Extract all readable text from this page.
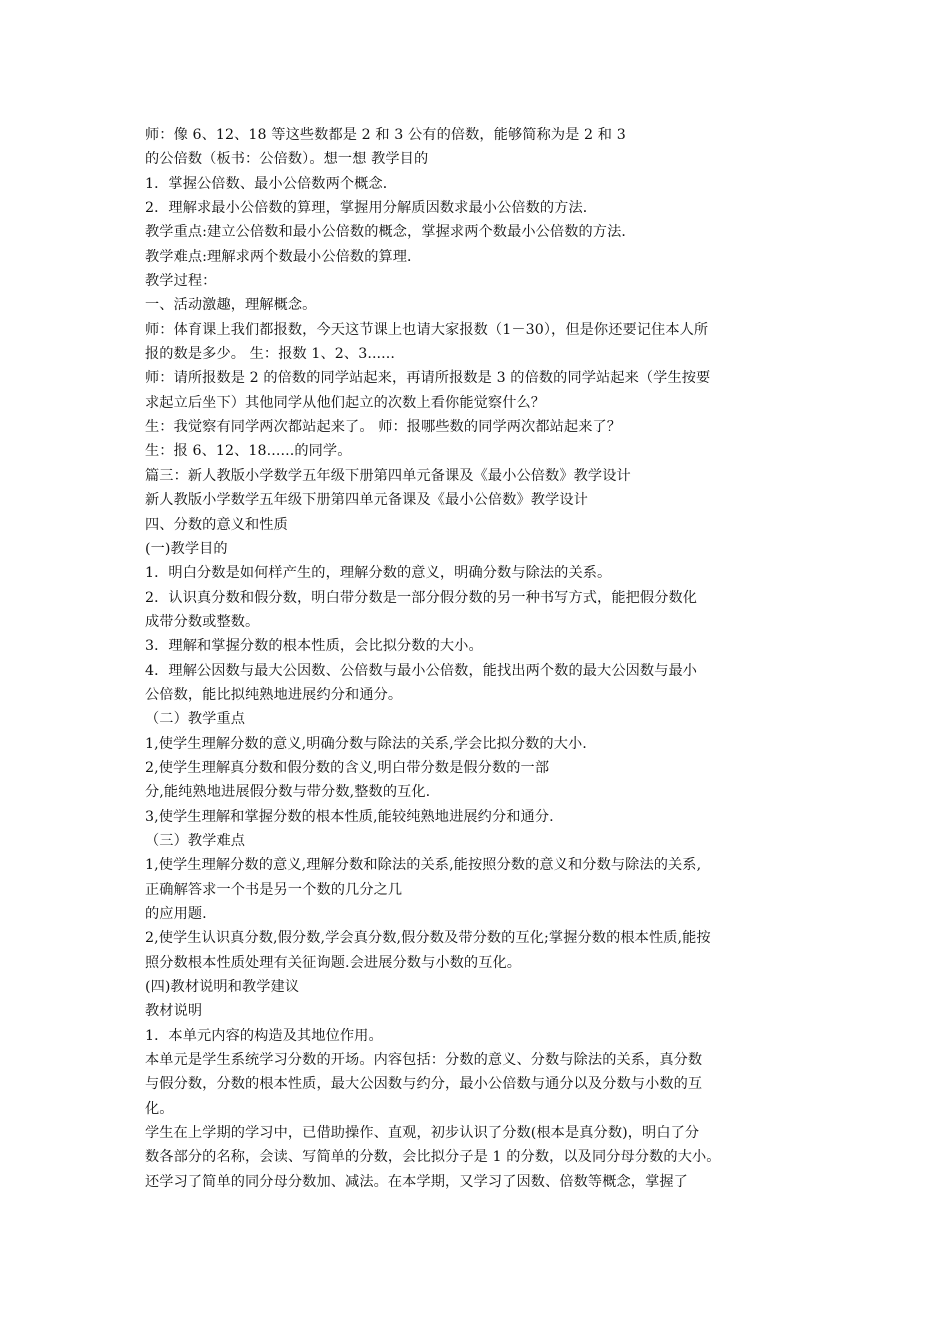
师：像 6、12、18 等这些数都是 2 和 3 公有的倍数，能够简称为是 2 和 3
的公倍数（板书：公倍数）。想一想 教学目的
1．掌握公倍数、最小公倍数两个概念．
2．理解求最小公倍数的算理，掌握用分解质因数求最小公倍数的方法．
教学重点:建立公倍数和最小公倍数的概念，掌握求两个数最小公倍数的方法．
教学难点:理解求两个数最小公倍数的算理．
教学过程：
一、活动激趣，理解概念。
师：体育课上我们都报数，今天这节课上也请大家报数（1－30），但是你还要记住本人所
报的数是多少。 生：报数 1、2、3......
师：请所报数是 2 的倍数的同学站起来，再请所报数是 3 的倍数的同学站起来（学生按要
求起立后坐下）其他同学从他们起立的次数上看你能觉察什么？
生：我觉察有同学两次都站起来了。 师：报哪些数的同学两次都站起来了？
生：报 6、12、18......的同学。
篇三：新人教版小学数学五年级下册第四单元备课及《最小公倍数》教学设计
新人教版小学数学五年级下册第四单元备课及《最小公倍数》教学设计
四、分数的意义和性质
(一)教学目的
1．明白分数是如何样产生的，理解分数的意义，明确分数与除法的关系。
2．认识真分数和假分数，明白带分数是一部分假分数的另一种书写方式，能把假分数化
成带分数或整数。
3．理解和掌握分数的根本性质，会比拟分数的大小。
4．理解公因数与最大公因数、公倍数与最小公倍数，能找出两个数的最大公因数与最小
公倍数，能比拟纯熟地进展约分和通分。
（二）教学重点
1,使学生理解分数的意义,明确分数与除法的关系,学会比拟分数的大小.
2,使学生理解真分数和假分数的含义,明白带分数是假分数的一部
分,能纯熟地进展假分数与带分数,整数的互化.
3,使学生理解和掌握分数的根本性质,能较纯熟地进展约分和通分.
（三）教学难点
1,使学生理解分数的意义,理解分数和除法的关系,能按照分数的意义和分数与除法的关系,
正确解答求一个书是另一个数的几分之几
的应用题.
2,使学生认识真分数,假分数,学会真分数,假分数及带分数的互化;掌握分数的根本性质,能按
照分数根本性质处理有关征询题.会进展分数与小数的互化。
(四)教材说明和教学建议
教材说明
1．本单元内容的构造及其地位作用。
本单元是学生系统学习分数的开场。内容包括：分数的意义、分数与除法的关系，真分数
与假分数，分数的根本性质，最大公因数与约分，最小公倍数与通分以及分数与小数的互
化。
学生在上学期的学习中，已借助操作、直观，初步认识了分数(根本是真分数)，明白了分
数各部分的名称，会读、写简单的分数，会比拟分子是 1 的分数，以及同分母分数的大小。
还学习了简单的同分母分数加、减法。在本学期，又学习了因数、倍数等概念，掌握了
